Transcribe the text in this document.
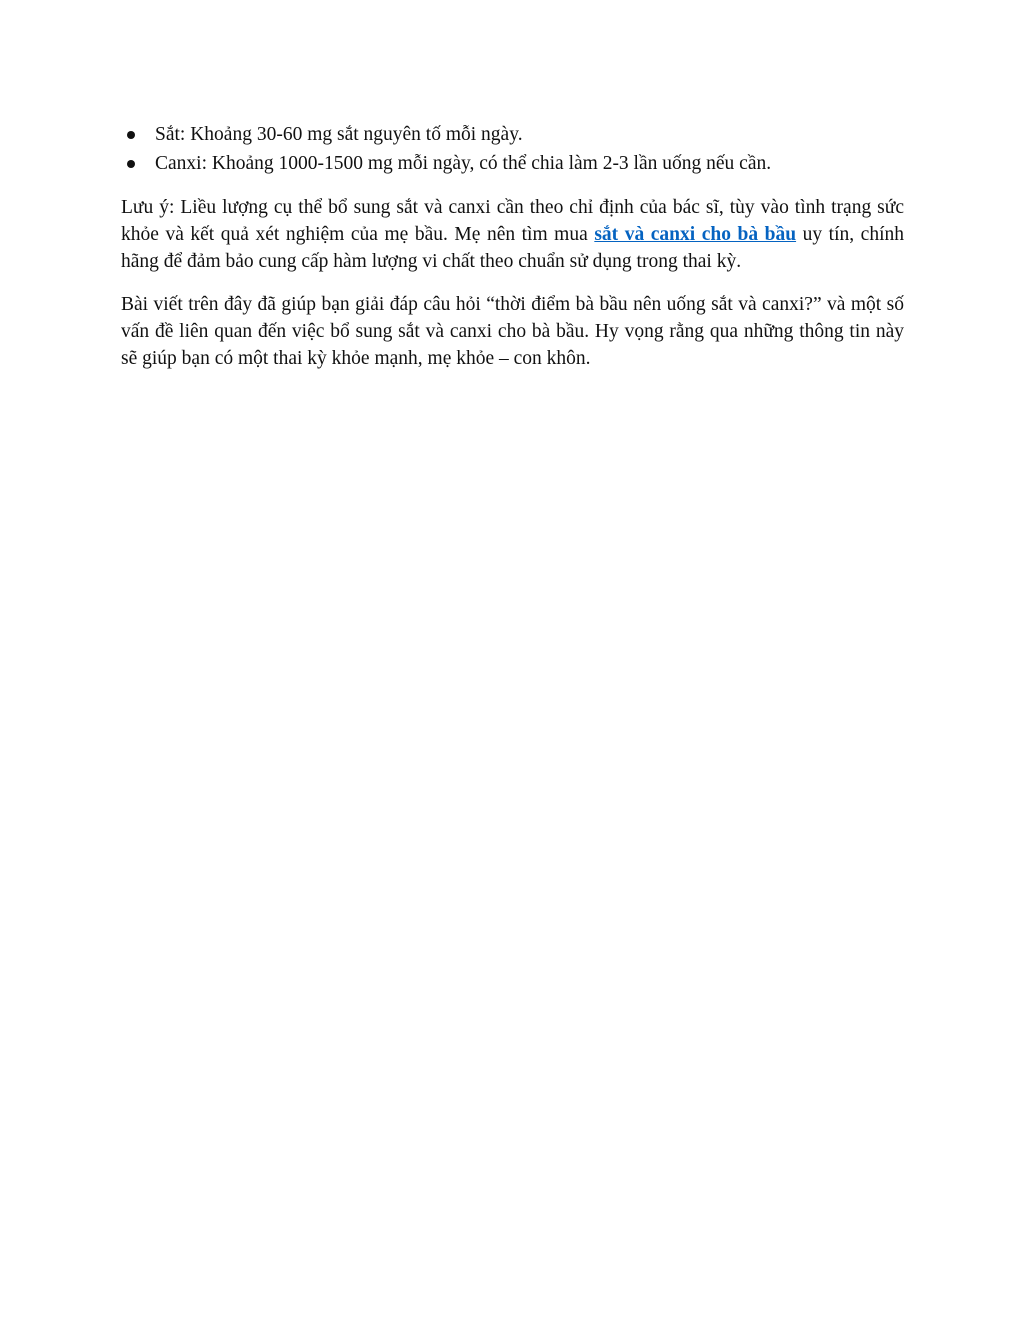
Sắt: Khoảng 30-60 mg sắt nguyên tố mỗi ngày.
Canxi: Khoảng 1000-1500 mg mỗi ngày, có thể chia làm 2-3 lần uống nếu cần.

Lưu ý: Liều lượng cụ thể bổ sung sắt và canxi cần theo chỉ định của bác sĩ, tùy vào tình trạng sức khỏe và kết quả xét nghiệm của mẹ bầu. Mẹ nên tìm mua sắt và canxi cho bà bầu uy tín, chính hãng để đảm bảo cung cấp hàm lượng vi chất theo chuẩn sử dụng trong thai kỳ.

Bài viết trên đây đã giúp bạn giải đáp câu hỏi “thời điểm bà bầu nên uống sắt và canxi?” và một số vấn đề liên quan đến việc bổ sung sắt và canxi cho bà bầu. Hy vọng rằng qua những thông tin này sẽ giúp bạn có một thai kỳ khỏe mạnh, mẹ khỏe – con khôn.
